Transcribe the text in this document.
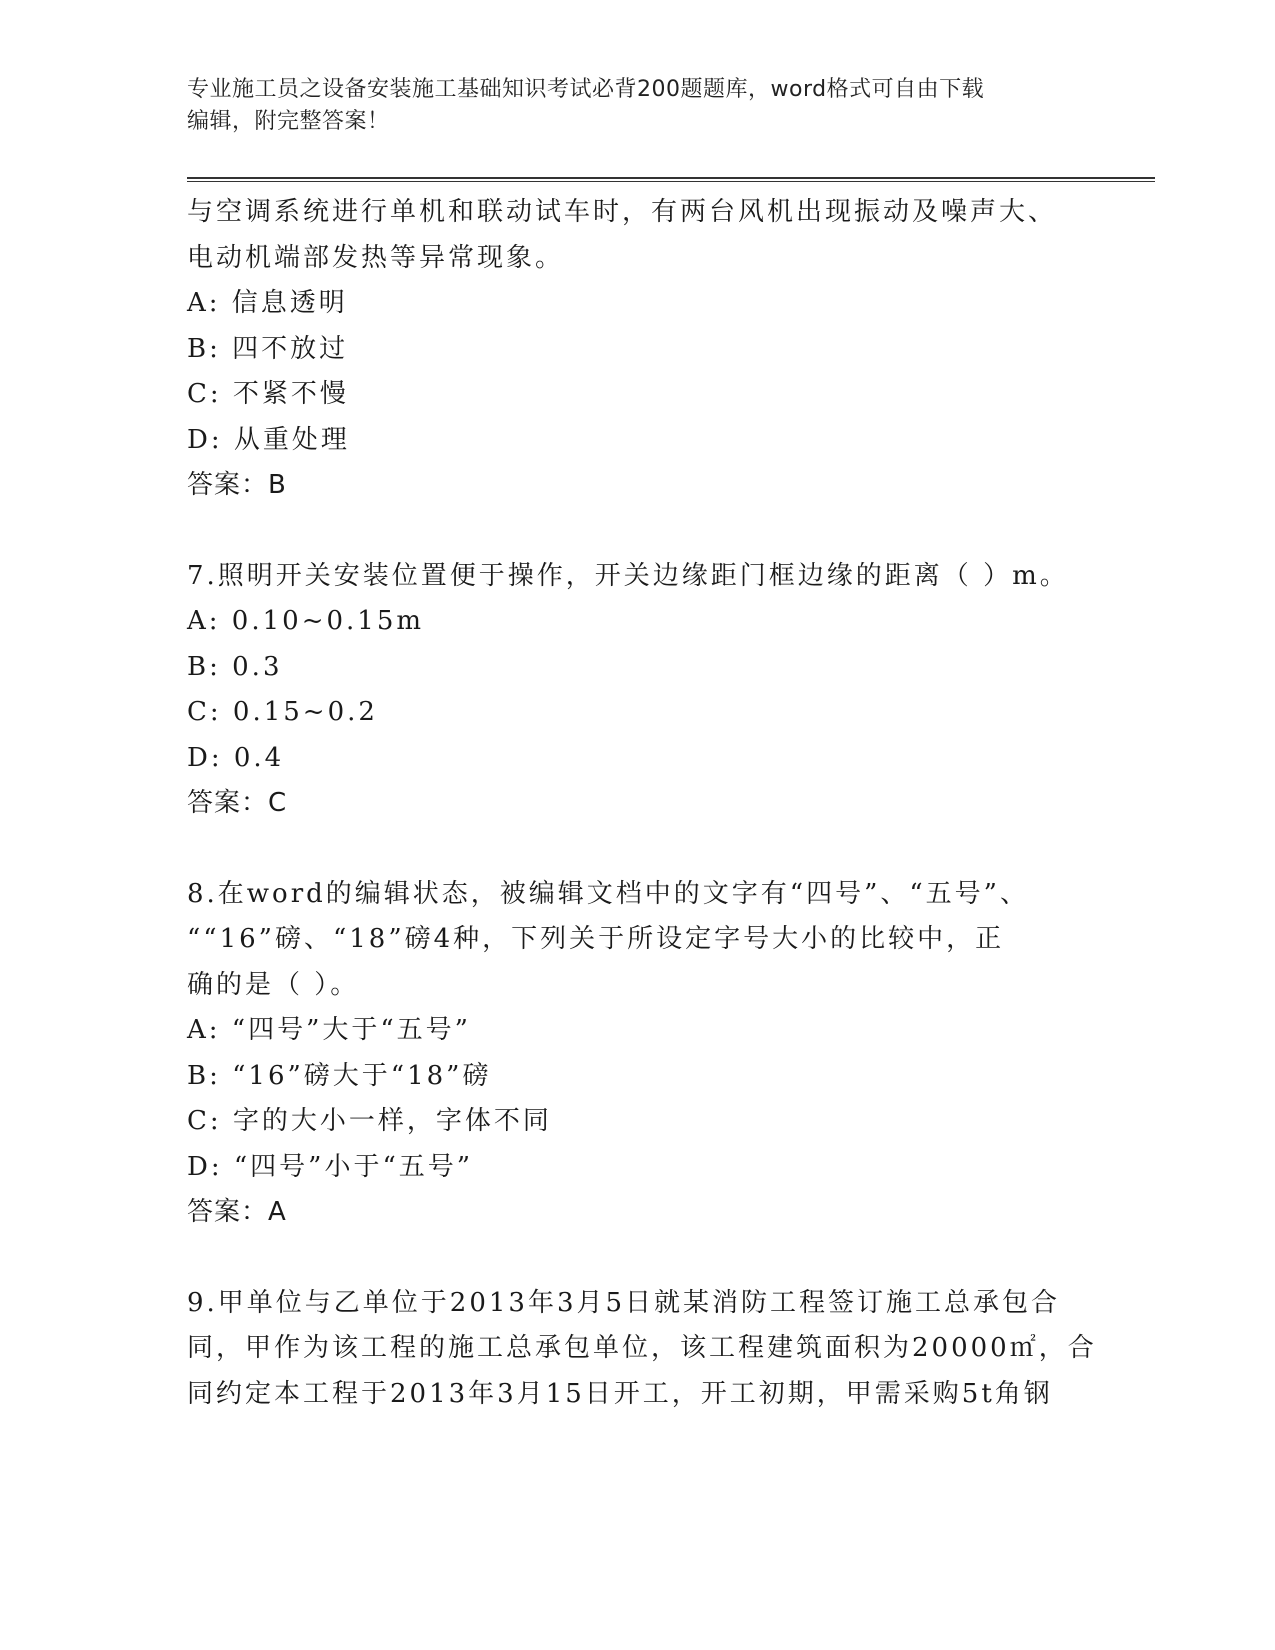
专业施工员之设备安装施工基础知识考试必背200题题库，word格式可自由下载
编辑，附完整答案！
与空调系统进行单机和联动试车时，有两台风机出现振动及噪声大、
电动机端部发热等异常现象。
A: 信息透明
B: 四不放过
C: 不紧不慢
D: 从重处理
答案：B
7.照明开关安装位置便于操作，开关边缘距门框边缘的距离（ ）m。
A: 0.10~0.15m
B: 0.3
C: 0.15~0.2
D: 0.4
答案：C
8.在word的编辑状态，被编辑文档中的文字有“四号”、“五号”、
““16”磅、“18”磅4种，下列关于所设定字号大小的比较中，正
确的是（ ）。
A: “四号”大于“五号”
B: “16”磅大于“18”磅
C: 字的大小一样，字体不同
D: “四号”小于“五号”
答案：A
9.甲单位与乙单位于2013年3月5日就某消防工程签订施工总承包合
同，甲作为该工程的施工总承包单位，该工程建筑面积为20000㎡，合
同约定本工程于2013年3月15日开工，开工初期，甲需采购5t角钢
